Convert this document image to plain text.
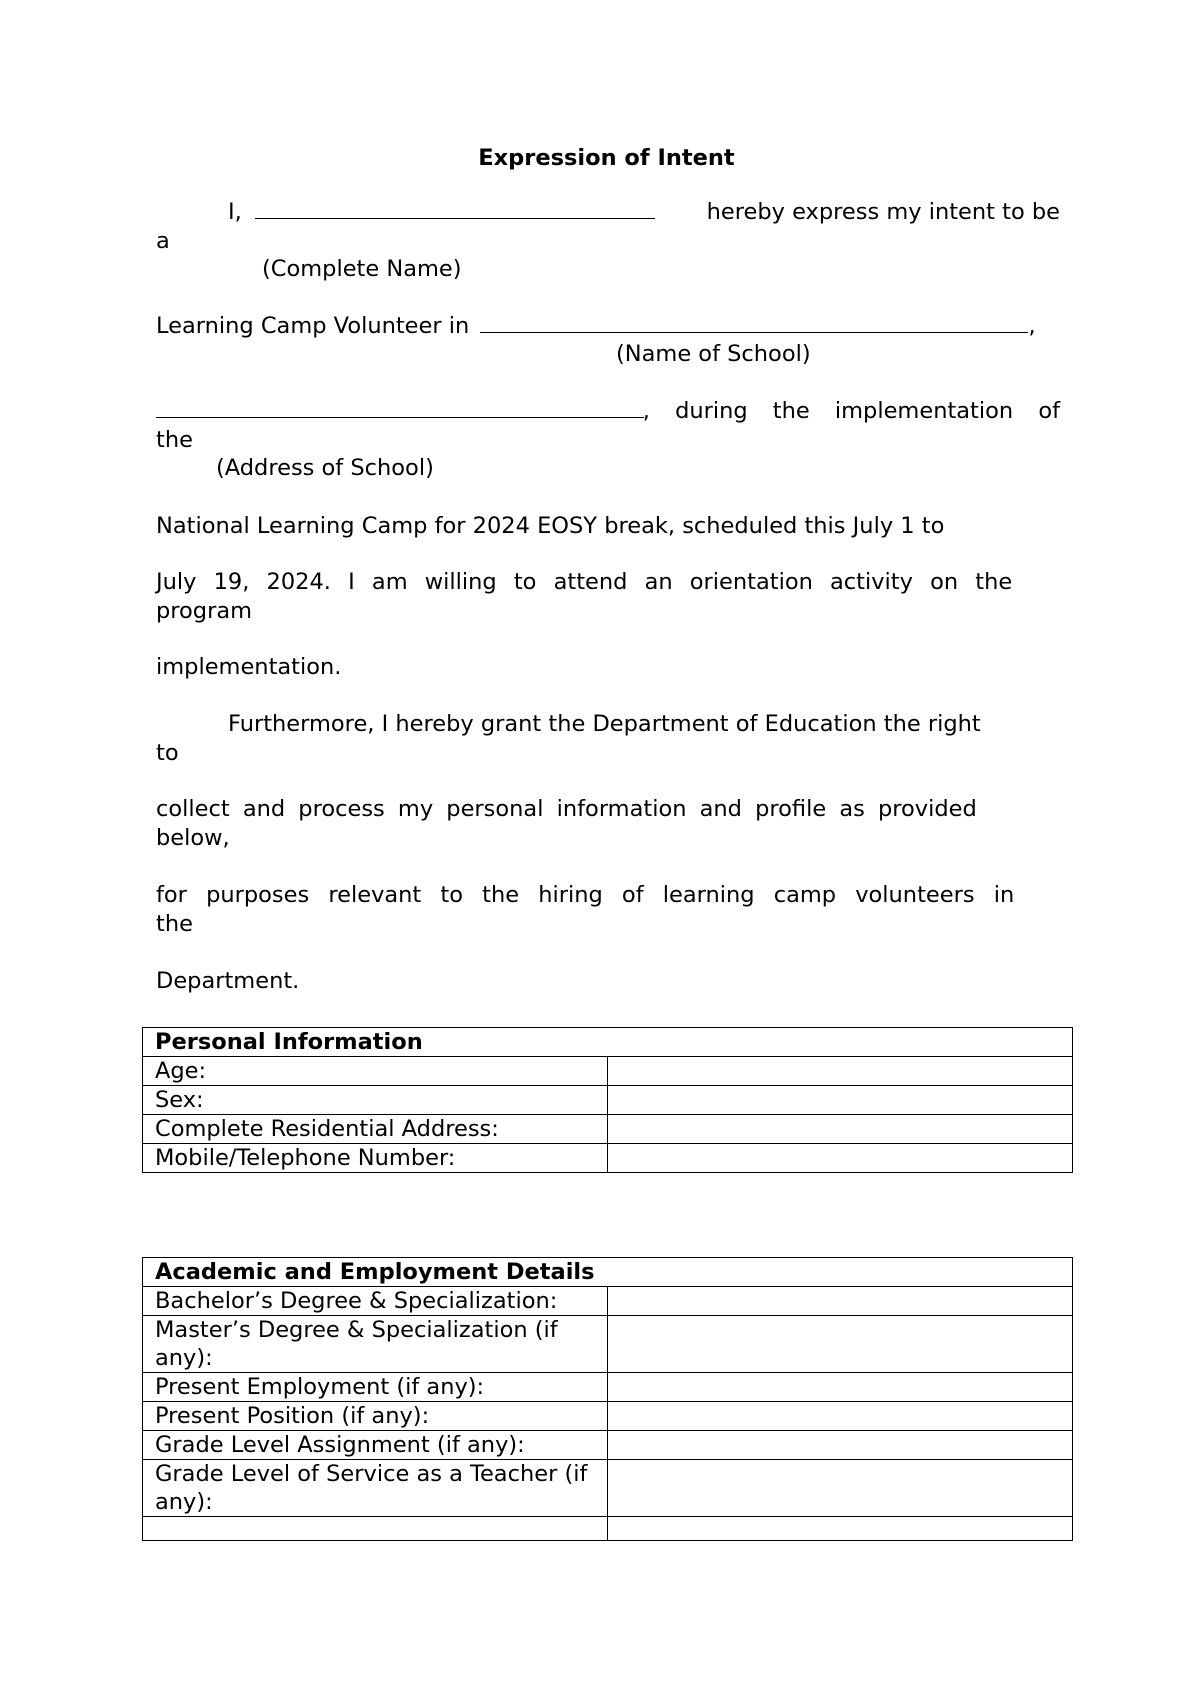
Expression of Intent
I,	hereby express my intent to be
a
(Complete Name)
Learning Camp Volunteer in	,
(Name of School)
, during the implementation of
the
(Address of School)
National Learning Camp for 2024 EOSY break, scheduled this July 1 to
July 19, 2024. I am willing to attend an orientation activity on the
program
implementation.
Furthermore, I hereby grant the Department of Education the right
to
collect and process my personal information and profile as provided
below,
for purposes relevant to the hiring of learning camp volunteers in
the
Department.
Personal Information	
Age:	
Sex:	
Complete Residential Address:	
Mobile/Telephone Number:	
Academic and Employment Details	
Bachelor’s Degree & Specialization:	
Master’s Degree & Specialization (if any):	
Present Employment (if any):	
Present Position (if any):	
Grade Level Assignment (if any):	
Grade Level of Service as a Teacher (if any):	
